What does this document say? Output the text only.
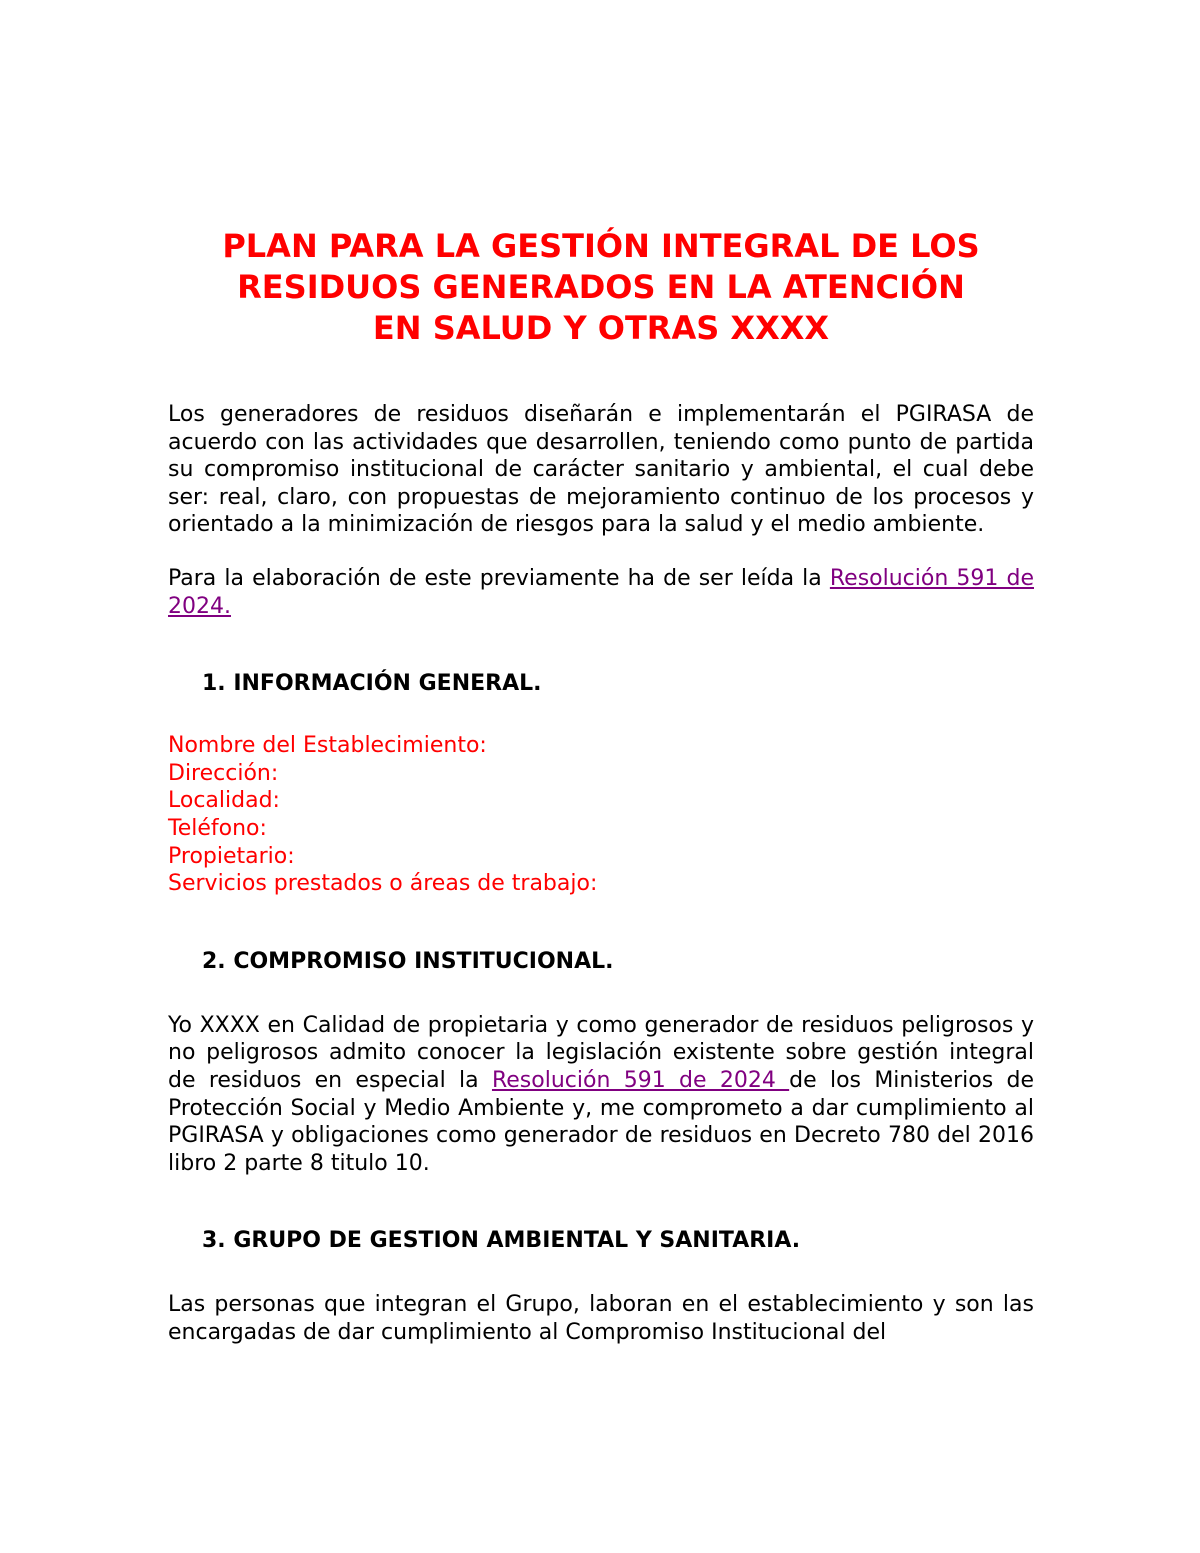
PLAN PARA LA GESTIÓN INTEGRAL DE LOS
RESIDUOS GENERADOS EN LA ATENCIÓN
EN SALUD Y OTRAS XXXX

Los generadores de residuos diseñarán e implementarán el PGIRASA de acuerdo con las actividades que desarrollen, teniendo como punto de partida su compromiso institucional de carácter sanitario y ambiental, el cual debe ser: real, claro, con propuestas de mejoramiento continuo de los procesos y orientado a la minimización de riesgos para la salud y el medio ambiente.

Para la elaboración de este previamente ha de ser leída la Resolución 591 de 2024.

1. INFORMACIÓN GENERAL.
Nombre del Establecimiento:
Dirección:
Localidad:
Teléfono:
Propietario:
Servicios prestados o áreas de trabajo:
2. COMPROMISO INSTITUCIONAL.

Yo XXXX en Calidad de propietaria y como generador de residuos peligrosos y no peligrosos admito conocer la legislación existente sobre gestión integral de residuos en especial la Resolución 591 de 2024 de los Ministerios de Protección Social y Medio Ambiente y, me comprometo a dar cumplimiento al PGIRASA y obligaciones como generador de residuos en Decreto 780 del 2016 libro 2 parte 8 titulo 10.

3. GRUPO DE GESTION AMBIENTAL Y SANITARIA.

Las personas que integran el Grupo, laboran en el establecimiento y son las encargadas de dar cumplimiento al Compromiso Institucional del
